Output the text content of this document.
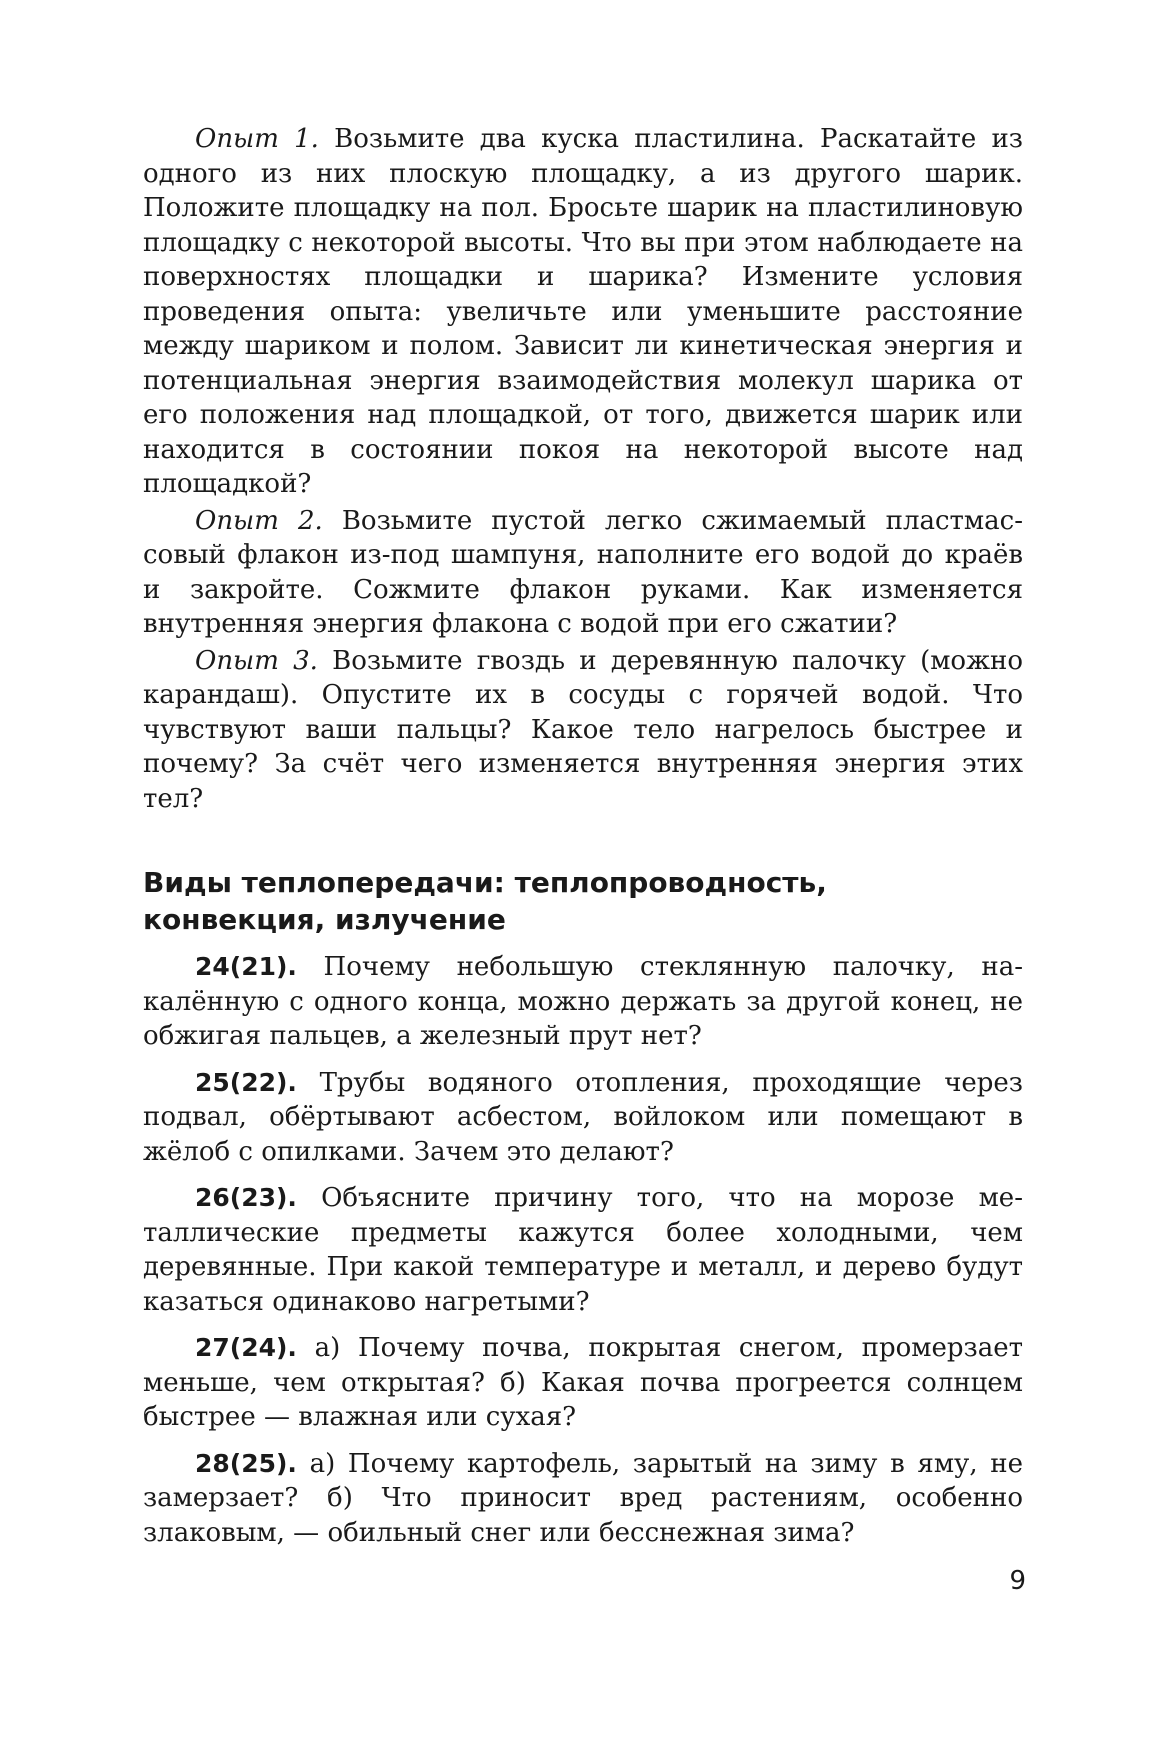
Опыт 1. Возьмите два куска пластилина. Раскатайте из одного из них плоскую площадку, а из другого шарик. Положите площадку на пол. Бросьте шарик на пластилиновую площадку с некоторой высоты. Что вы при этом наблюдаете на поверхностях площадки и шарика? Измените условия проведения опыта: увеличьте или уменьшите расстояние между шариком и полом. Зависит ли кинетическая энергия и потенциальная энергия взаимодействия молекул шарика от его положения над площадкой, от того, движется шарик или находится в состоянии покоя на некоторой высоте над площадкой?

Опыт 2. Возьмите пустой легко сжимаемый пластмассовый флакон из-под шампуня, наполните его водой до краёв и закройте. Сожмите флакон руками. Как изменяется внутренняя энергия флакона с водой при его сжатии?

Опыт 3. Возьмите гвоздь и деревянную палочку (можно карандаш). Опустите их в сосуды с горячей водой. Что чувствуют ваши пальцы? Какое тело нагрелось быстрее и почему? За счёт чего изменяется внутренняя энергия этих тел?

Виды теплопередачи: теплопроводность,
конвекция, излучение

24(21). Почему небольшую стеклянную палочку, накалённую с одного конца, можно держать за другой конец, не обжигая пальцев, а железный прут нет?

25(22). Трубы водяного отопления, проходящие через подвал, обёртывают асбестом, войлоком или помещают в жёлоб с опилками. Зачем это делают?

26(23). Объясните причину того, что на морозе металлические предметы кажутся более холодными, чем деревянные. При какой температуре и металл, и дерево будут казаться одинаково нагретыми?

27(24). а) Почему почва, покрытая снегом, промерзает меньше, чем открытая? б) Какая почва прогреется солнцем быстрее — влажная или сухая?

28(25). а) Почему картофель, зарытый на зиму в яму, не замерзает? б) Что приносит вред растениям, особенно злаковым, — обильный снег или бесснежная зима?

9
